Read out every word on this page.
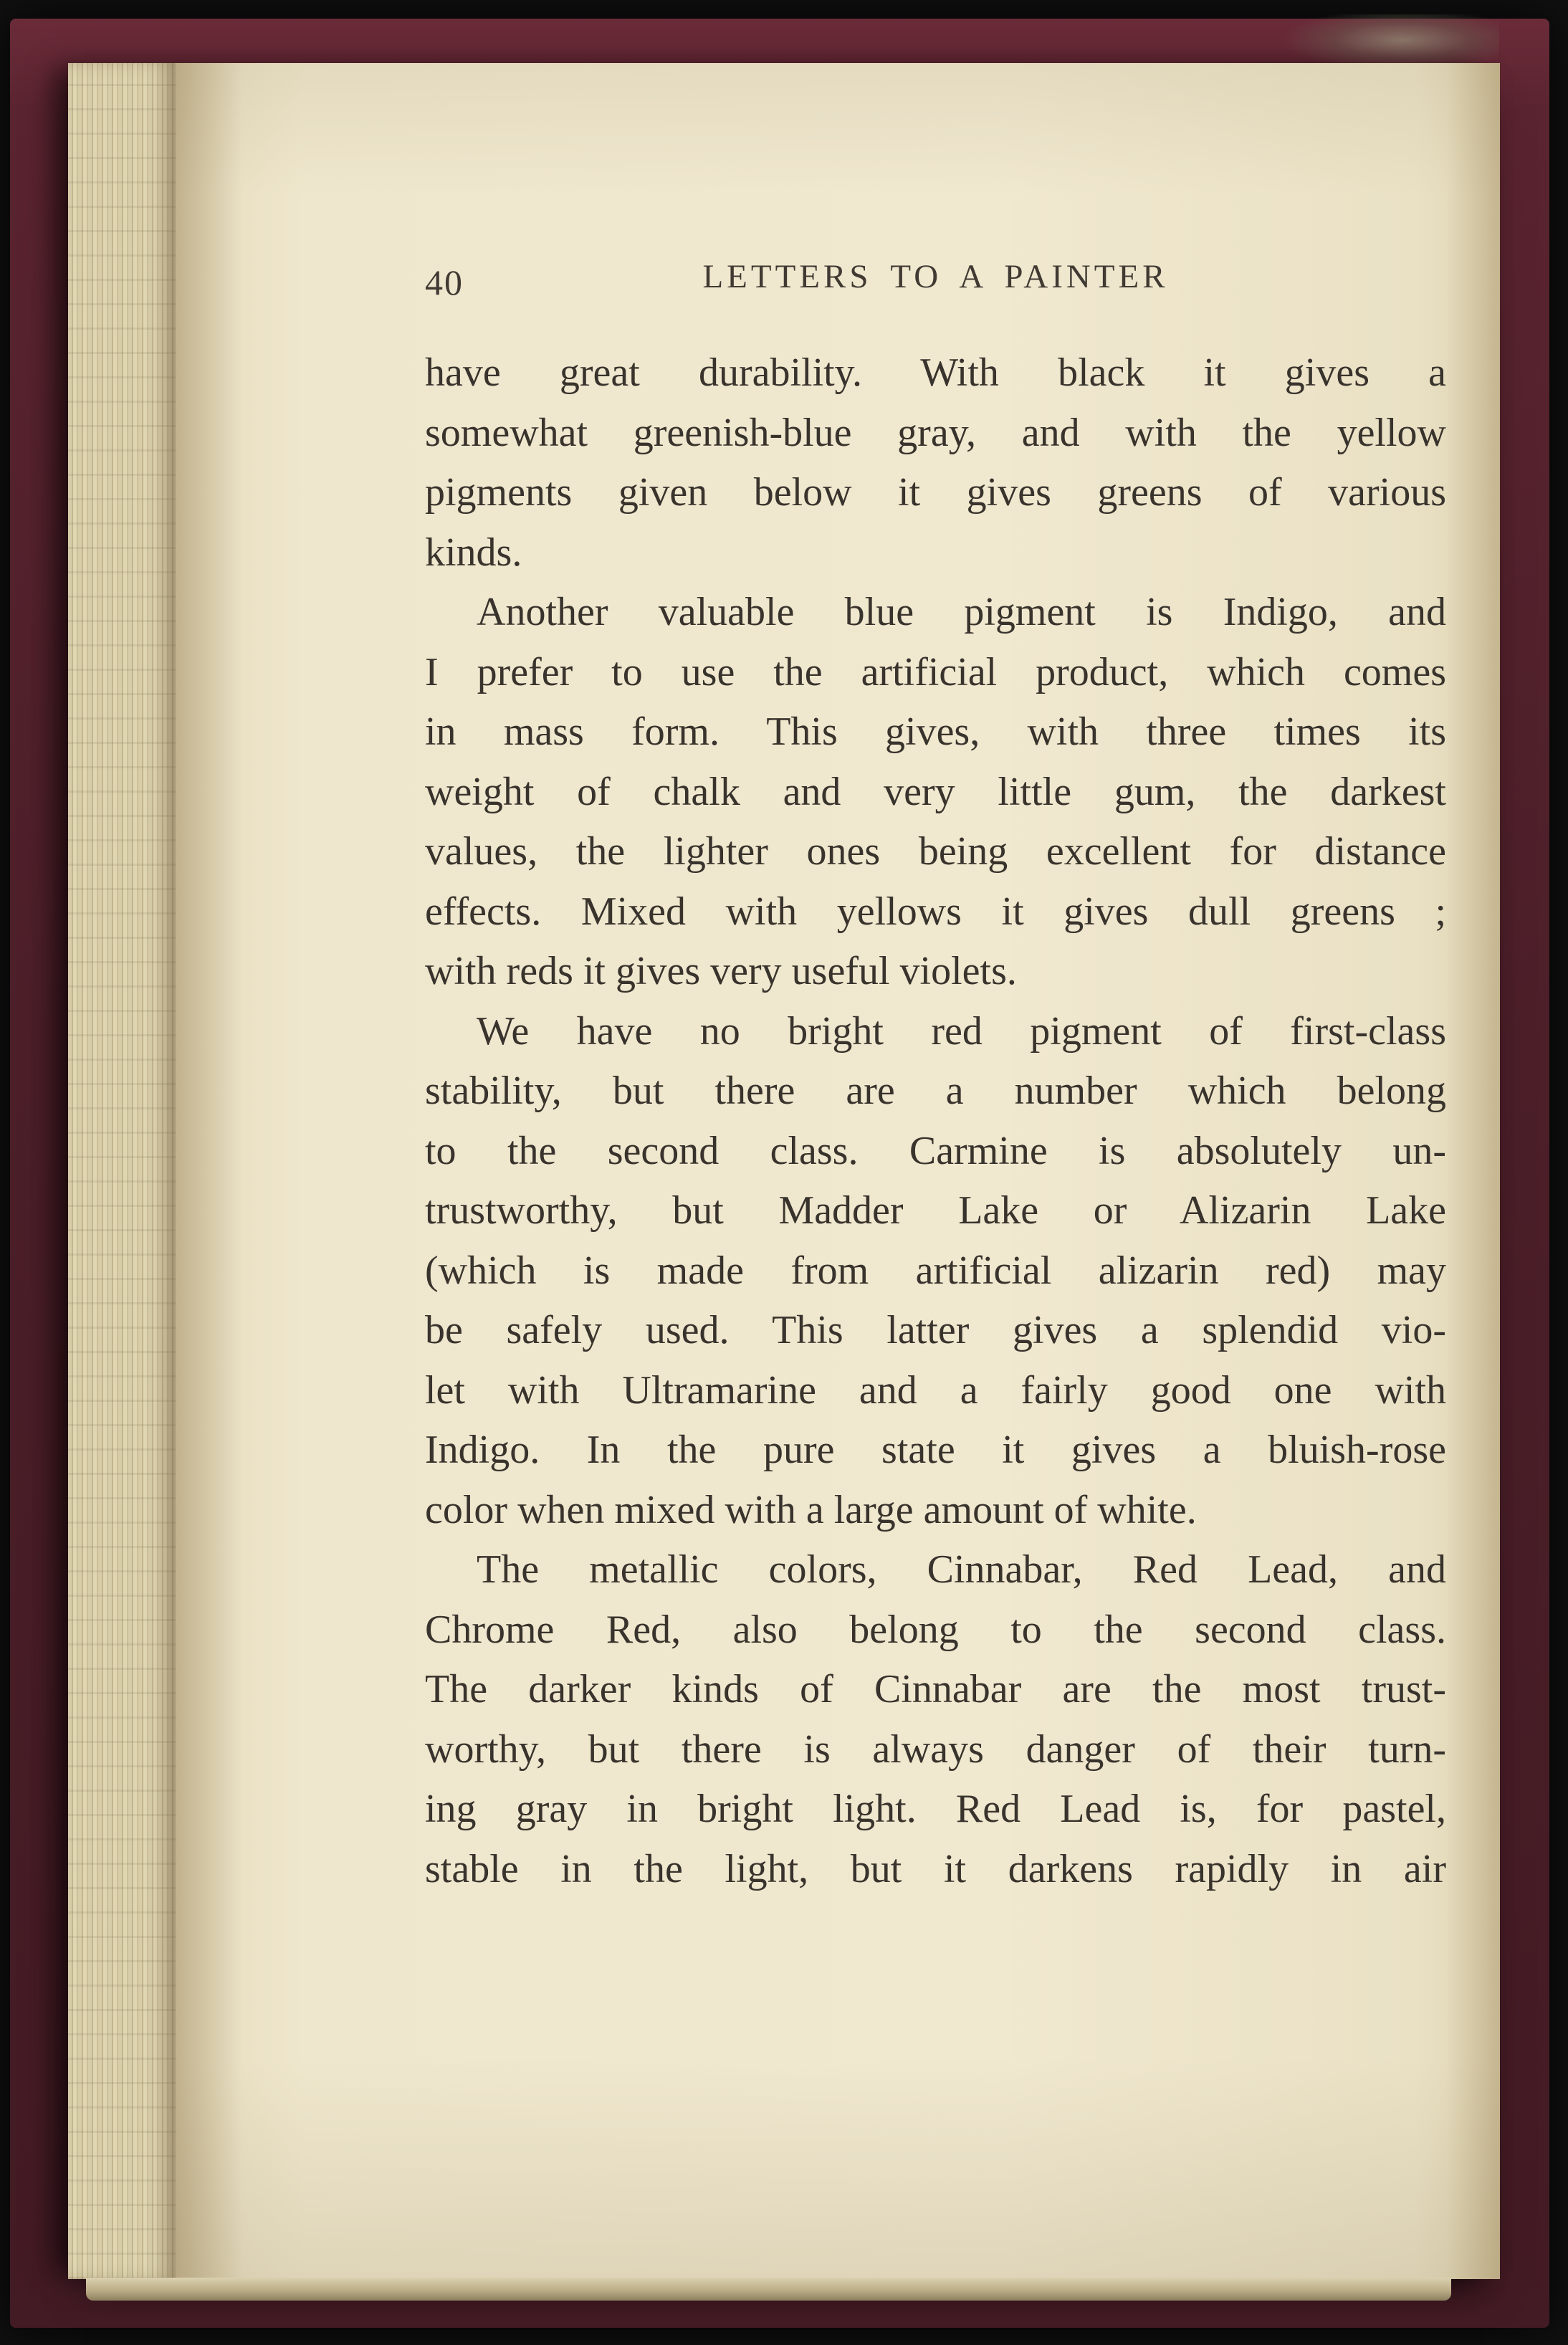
40	LETTERS TO A PAINTER
have great durability. With black it gives a
somewhat greenish-blue gray, and with the yellow
pigments given below it gives greens of various
kinds.
Another valuable blue pigment is Indigo, and
I prefer to use the artificial product, which comes
in mass form. This gives, with three times its
weight of chalk and very little gum, the darkest
values, the lighter ones being excellent for distance
effects. Mixed with yellows it gives dull greens ;
with reds it gives very useful violets.
We have no bright red pigment of first-class
stability, but there are a number which belong
to the second class. Carmine is absolutely un-
trustworthy, but Madder Lake or Alizarin Lake
(which is made from artificial alizarin red) may
be safely used. This latter gives a splendid vio-
let with Ultramarine and a fairly good one with
Indigo. In the pure state it gives a bluish-rose
color when mixed with a large amount of white.
The metallic colors, Cinnabar, Red Lead, and
Chrome Red, also belong to the second class.
The darker kinds of Cinnabar are the most trust-
worthy, but there is always danger of their turn-
ing gray in bright light. Red Lead is, for pastel,
stable in the light, but it darkens rapidly in air
